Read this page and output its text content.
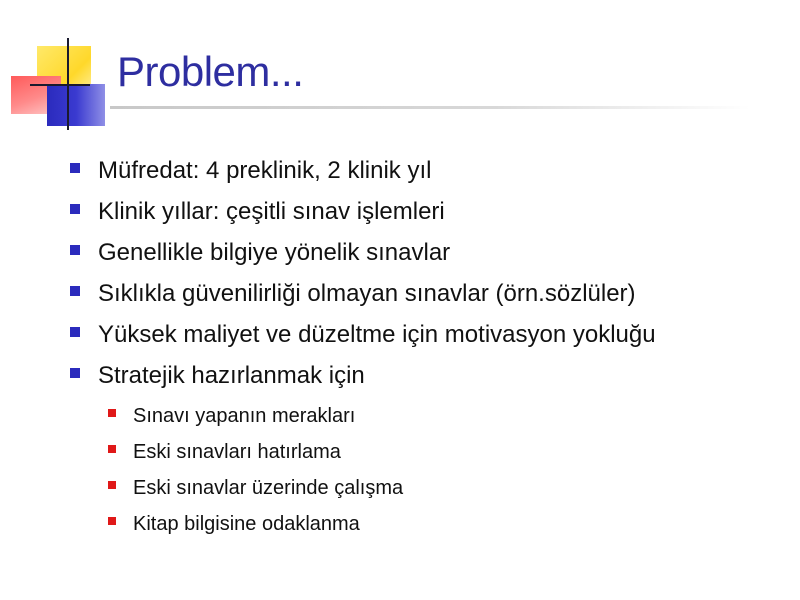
Problem...
Müfredat: 4 preklinik, 2 klinik yıl
Klinik yıllar: çeşitli sınav işlemleri
Genellikle bilgiye yönelik sınavlar
Sıklıkla güvenilirliği olmayan sınavlar (örn.sözlüler)
Yüksek maliyet ve düzeltme için motivasyon yokluğu
Stratejik hazırlanmak için
Sınavı yapanın merakları
Eski sınavları hatırlama
Eski sınavlar üzerinde çalışma
Kitap bilgisine odaklanma
